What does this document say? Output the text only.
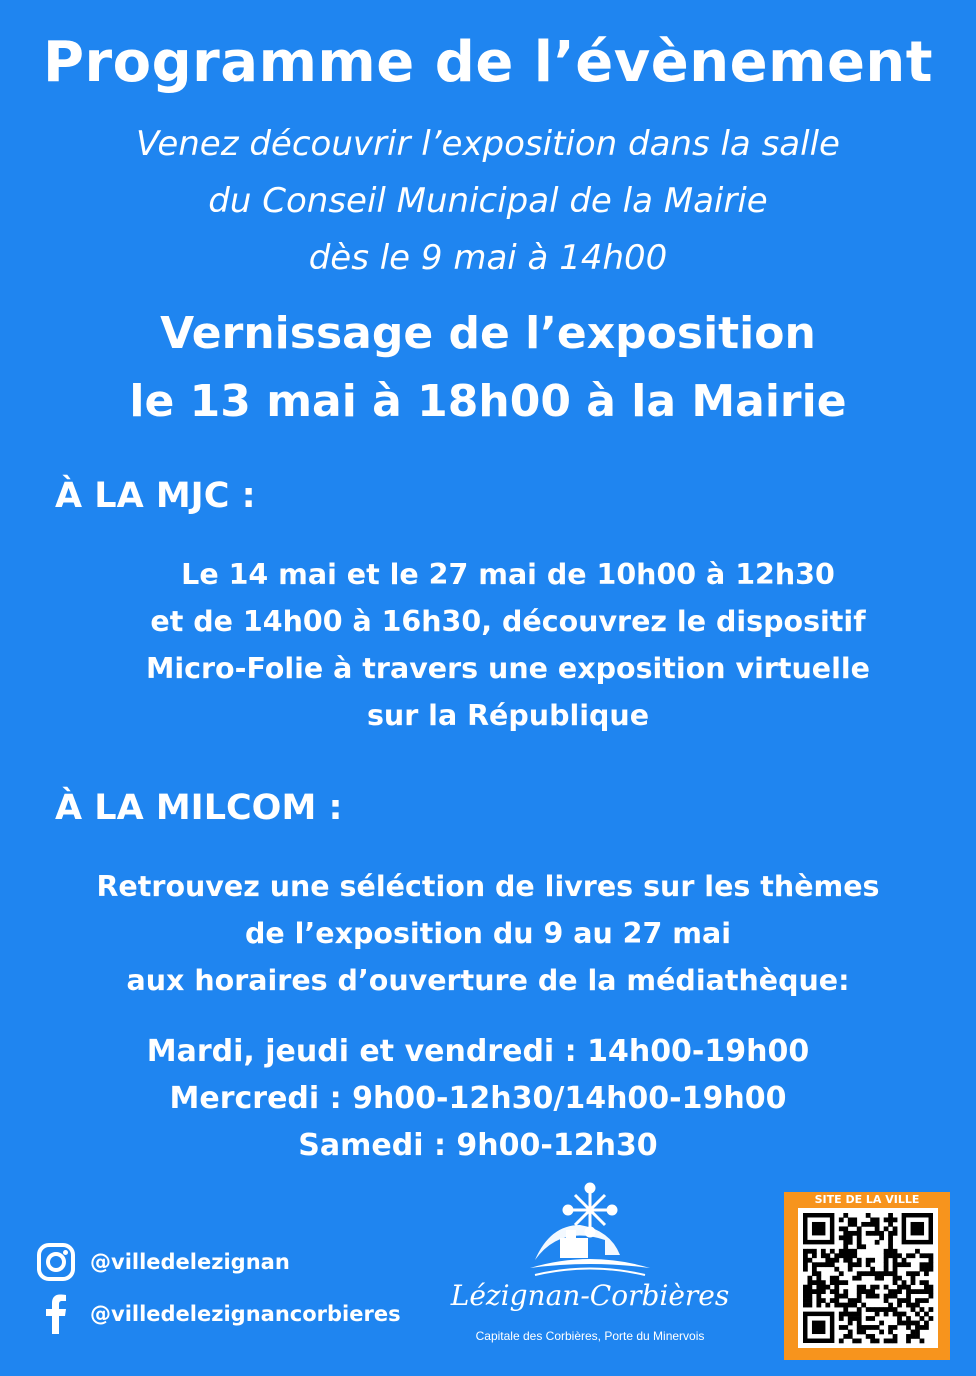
Programme de l’évènement
Venez découvrir l’exposition dans la salle
du Conseil Municipal de la Mairie
dès le 9 mai à 14h00
Vernissage de l’exposition
le 13 mai à 18h00 à la Mairie
À LA MJC :
Le 14 mai et le 27 mai de 10h00 à 12h30
et de 14h00 à 16h30, découvrez le dispositif
Micro-Folie à travers une exposition virtuelle
sur la République
À LA MILCOM :
Retrouvez une séléction de livres sur les thèmes
de l’exposition du 9 au 27 mai
aux horaires d’ouverture de la médiathèque:
Mardi, jeudi et vendredi : 14h00-19h00
Mercredi : 9h00-12h30/14h00-19h00
Samedi : 9h00-12h30
@villedelezignan
@villedelezignancorbieres
Lézignan-Corbières
Capitale des Corbières, Porte du Minervois
SITE DE LA VILLE
